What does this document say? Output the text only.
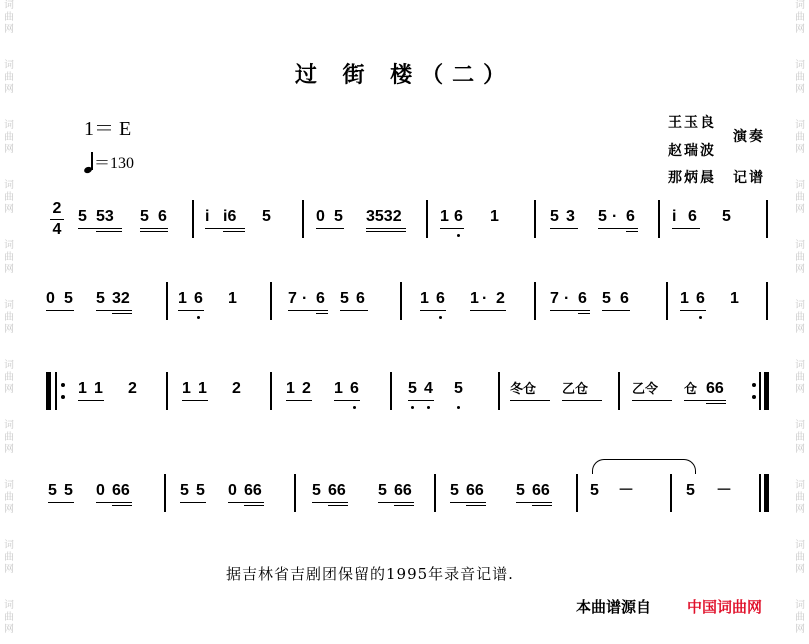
词
曲
网
词
曲
网
词
曲
网
词
曲
网
词
曲
网
词
曲
网
词
曲
网
词
曲
网
词
曲
网
词
曲
网
词
曲
网
词
曲
网
词
曲
网
词
曲
网
词
曲
网
词
曲
网
词
曲
网
词
曲
网
词
曲
网
词
曲
网
词
曲
网
词
曲
网
过 街 楼（二）
1＝ E
＝130
王玉良
赵瑞波
演奏
那炳晨 记谱
2
4
5 53 5 6 i i6 5	0 5 3532 1 6 1	5 3 5 · 6 i 6 5
0 5 5 32	1 6 1	7 · 6 5 6	1 6 1 · 2	7 · 6 5 6	1 6 1
1 1 2	1 1 2	1 2 1 6	5 4 5	冬仓 乙仓	乙令 仓 66
5 5 0 66	5 5 0 66	5 66 5 66 5 66 5 66	5 －	5 －
据吉林省吉剧团保留的1995年录音记谱.
本曲谱源自 中国词曲网
